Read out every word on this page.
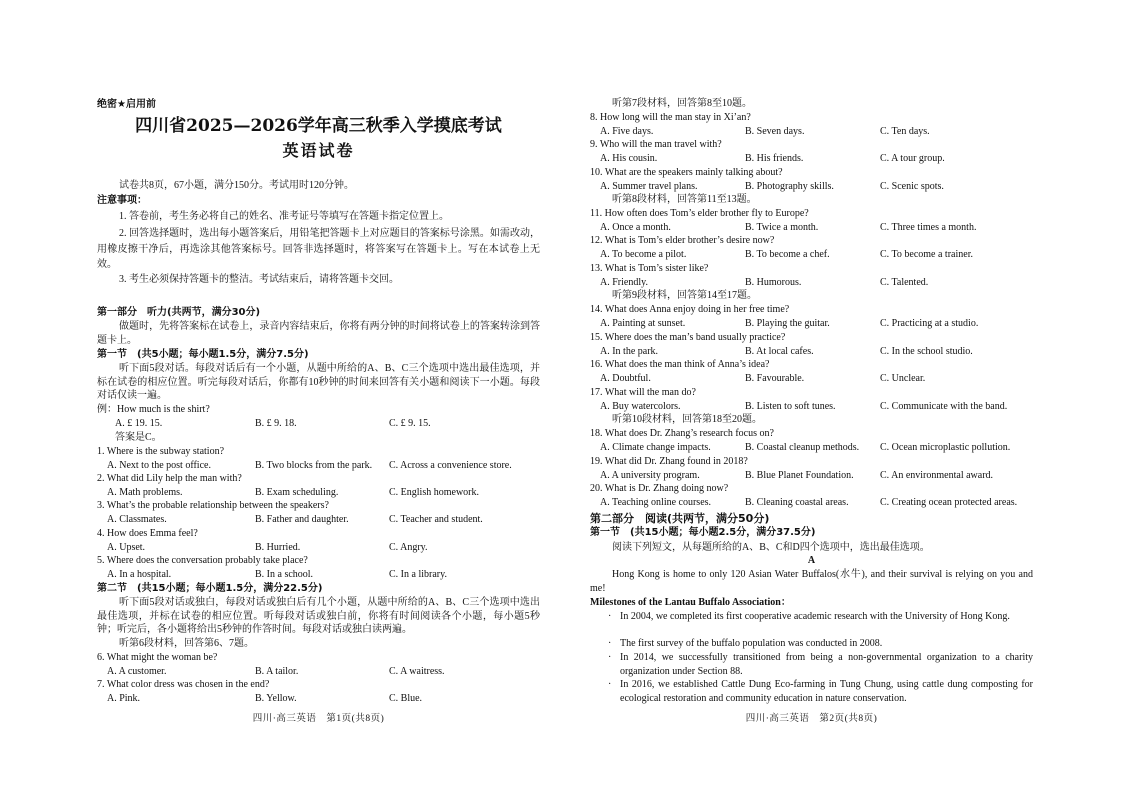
绝密★启用前
四川省2025—2026学年高三秋季入学摸底考试
英语试卷
试卷共8页，67小题，满分150分。考试用时120分钟。
注意事项：
1. 答卷前，考生务必将自己的姓名、准考证号等填写在答题卡指定位置上。
2. 回答选择题时，选出每小题答案后，用铅笔把答题卡上对应题目的答案标号涂黑。如需改动，用橡皮擦干净后，再选涂其他答案标号。回答非选择题时，将答案写在答题卡上。写在本试卷上无效。
3. 考生必须保持答题卡的整洁。考试结束后，请将答题卡交回。
第一部分　听力(共两节，满分30分)
做题时，先将答案标在试卷上，录音内容结束后，你将有两分钟的时间将试卷上的答案转涂到答题卡上。
第一节　(共5小题；每小题1.5分，满分7.5分)
听下面5段对话。每段对话后有一个小题，从题中所给的A、B、C三个选项中选出最佳选项，并标在试卷的相应位置。听完每段对话后，你都有10秒钟的时间来回答有关小题和阅读下一小题。每段对话仅读一遍。
例：How much is the shirt?
A. £ 19. 15.	B. £ 9. 18.	C. £ 9. 15.
答案是C。
1. Where is the subway station?
A. Next to the post office.	B. Two blocks from the park. C. Across a convenience store.
2. What did Lily help the man with?
A. Math problems.	B. Exam scheduling.	C. English homework.
3. What’s the probable relationship between the speakers?
A. Classmates.	B. Father and daughter.	C. Teacher and student.
4. How does Emma feel?
A. Upset.	B. Hurried.	C. Angry.
5. Where does the conversation probably take place?
A. In a hospital.	B. In a school.	C. In a library.
第二节　(共15小题；每小题1.5分，满分22.5分)
听下面5段对话或独白，每段对话或独白后有几个小题，从题中所给的A、B、C三个选项中选出最佳选项，并标在试卷的相应位置。听每段对话或独白前，你将有时间阅读各个小题，每小题5秒钟；听完后，各小题将给出5秒钟的作答时间。每段对话或独白读两遍。
听第6段材料，回答第6、7题。
6. What might the woman be?
A. A customer.	B. A tailor.	C. A waitress.
7. What color dress was chosen in the end?
A. Pink.	B. Yellow.	C. Blue.
四川·高三英语　第1页(共8页)
听第7段材料，回答第8至10题。
8. How long will the man stay in Xi’an?
A. Five days.	B. Seven days.	C. Ten days.
9. Who will the man travel with?
A. His cousin.	B. His friends.	C. A tour group.
10. What are the speakers mainly talking about?
A. Summer travel plans.	B. Photography skills.	C. Scenic spots.
听第8段材料，回答第11至13题。
11. How often does Tom’s elder brother fly to Europe?
A. Once a month.	B. Twice a month.	C. Three times a month.
12. What is Tom’s elder brother’s desire now?
A. To become a pilot.	B. To become a chef.	C. To become a trainer.
13. What is Tom’s sister like?
A. Friendly.	B. Humorous.	C. Talented.
听第9段材料，回答第14至17题。
14. What does Anna enjoy doing in her free time?
A. Painting at sunset.	B. Playing the guitar.	C. Practicing at a studio.
15. Where does the man’s band usually practice?
A. In the park.	B. At local cafes.	C. In the school studio.
16. What does the man think of Anna’s idea?
A. Doubtful.	B. Favourable.	C. Unclear.
17. What will the man do?
A. Buy watercolors.	B. Listen to soft tunes.	C. Communicate with the band.
听第10段材料，回答第18至20题。
18. What does Dr. Zhang’s research focus on?
A. Climate change impacts.	B. Coastal cleanup methods. C. Ocean microplastic pollution.
19. What did Dr. Zhang found in 2018?
A. A university program.	B. Blue Planet Foundation.	C. An environmental award.
20. What is Dr. Zhang doing now?
A. Teaching online courses.	B. Cleaning coastal areas.	C. Creating ocean protected areas.
第二部分　阅读(共两节，满分50分)
第一节　(共15小题；每小题2.5分，满分37.5分)
阅读下列短文，从每题所给的A、B、C和D四个选项中，选出最佳选项。
A
Hong Kong is home to only 120 Asian Water Buffalos(水牛), and their survival is relying on you and me!
Milestones of the Lantau Buffalo Association：
· In 2004, we completed its first cooperative academic research with the University of Hong Kong.
· The first survey of the buffalo population was conducted in 2008.
· In 2014, we successfully transitioned from being a non-governmental organization to a charity organization under Section 88.
· In 2016, we established Cattle Dung Eco-farming in Tung Chung, using cattle dung composting for ecological restoration and community education in nature conservation.
四川·高三英语　第2页(共8页)
